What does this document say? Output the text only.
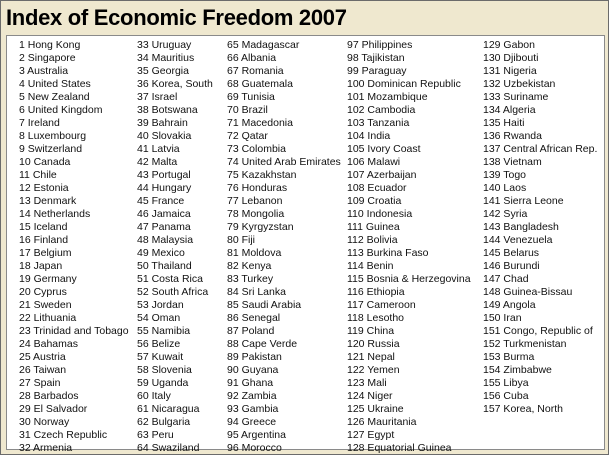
Index of Economic Freedom 2007
1 Hong Kong
2 Singapore
3 Australia
4 United States
5 New Zealand
6 United Kingdom
7 Ireland
8 Luxembourg
9 Switzerland
10 Canada
11 Chile
12 Estonia
13 Denmark
14 Netherlands
15 Iceland
16 Finland
17 Belgium
18 Japan
19 Germany
20 Cyprus
21 Sweden
22 Lithuania
23 Trinidad and Tobago
24 Bahamas
25 Austria
26 Taiwan
27 Spain
28 Barbados
29 El Salvador
30 Norway
31 Czech Republic
32 Armenia
33 Uruguay
34 Mauritius
35 Georgia
36 Korea, South
37 Israel
38 Botswana
39 Bahrain
40 Slovakia
41 Latvia
42 Malta
43 Portugal
44 Hungary
45 France
46 Jamaica
47 Panama
48 Malaysia
49 Mexico
50 Thailand
51 Costa Rica
52 South Africa
53 Jordan
54 Oman
55 Namibia
56 Belize
57 Kuwait
58 Slovenia
59 Uganda
60 Italy
61 Nicaragua
62 Bulgaria
63 Peru
64 Swaziland
65 Madagascar
66 Albania
67 Romania
68 Guatemala
69 Tunisia
70 Brazil
71 Macedonia
72 Qatar
73 Colombia
74 United Arab Emirates
75 Kazakhstan
76 Honduras
77 Lebanon
78 Mongolia
79 Kyrgyzstan
80 Fiji
81 Moldova
82 Kenya
83 Turkey
84 Sri Lanka
85 Saudi Arabia
86 Senegal
87 Poland
88 Cape Verde
89 Pakistan
90 Guyana
91 Ghana
92 Zambia
93 Gambia
94 Greece
95 Argentina
96 Morocco
97 Philippines
98 Tajikistan
99 Paraguay
100 Dominican Republic
101 Mozambique
102 Cambodia
103 Tanzania
104 India
105 Ivory Coast
106 Malawi
107 Azerbaijan
108 Ecuador
109 Croatia
110 Indonesia
111 Guinea
112 Bolivia
113 Burkina Faso
114 Benin
115 Bosnia & Herzegovina
116 Ethiopia
117 Cameroon
118 Lesotho
119 China
120 Russia
121 Nepal
122 Yemen
123 Mali
124 Niger
125 Ukraine
126 Mauritania
127 Egypt
128 Equatorial Guinea
129 Gabon
130 Djibouti
131 Nigeria
132 Uzbekistan
133 Suriname
134 Algeria
135 Haiti
136 Rwanda
137 Central African Rep.
138 Vietnam
139 Togo
140 Laos
141 Sierra Leone
142 Syria
143 Bangladesh
144 Venezuela
145 Belarus
146 Burundi
147 Chad
148 Guinea-Bissau
149 Angola
150 Iran
151 Congo, Republic of
152 Turkmenistan
153 Burma
154 Zimbabwe
155 Libya
156 Cuba
157 Korea, North
